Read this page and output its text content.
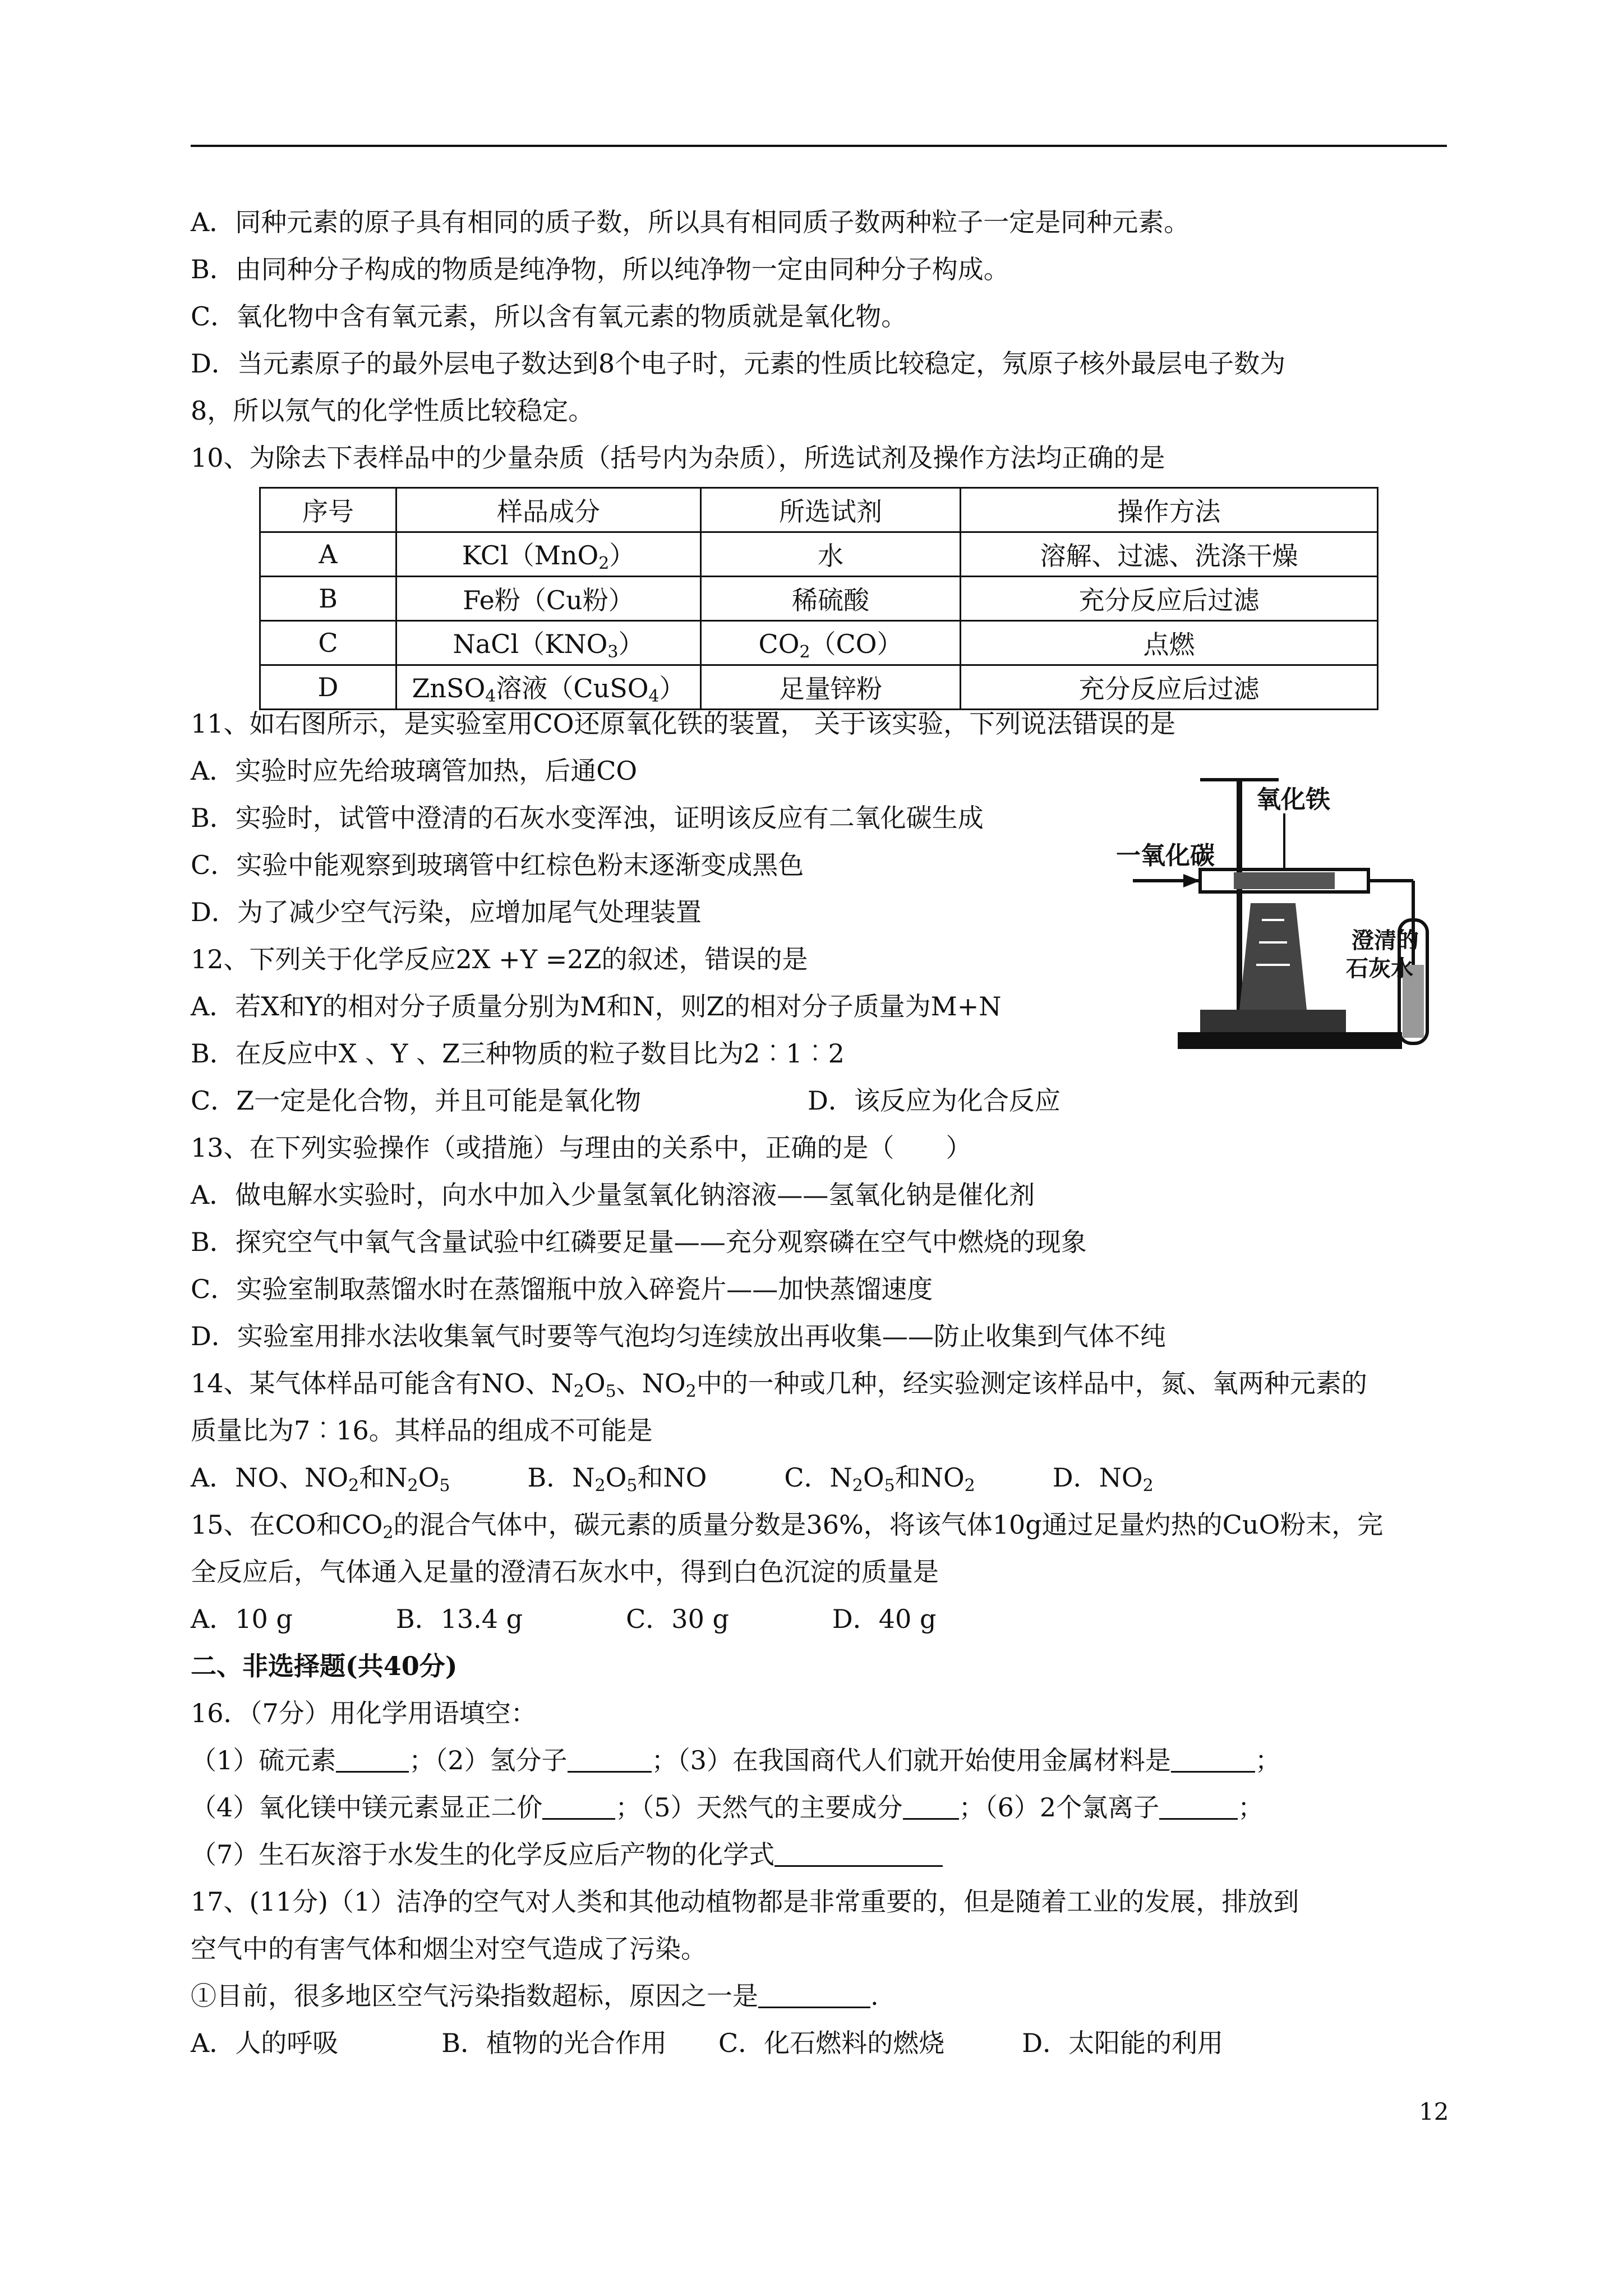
A．同种元素的原子具有相同的质子数，所以具有相同质子数两种粒子一定是同种元素。
B．由同种分子构成的物质是纯净物，所以纯净物一定由同种分子构成。
C．氧化物中含有氧元素，所以含有氧元素的物质就是氧化物。
D．当元素原子的最外层电子数达到8个电子时，元素的性质比较稳定，氖原子核外最层电子数为
8，所以氖气的化学性质比较稳定。
10、为除去下表样品中的少量杂质（括号内为杂质），所选试剂及操作方法均正确的是
序号	样品成分	所选试剂	操作方法
A	KCl（MnO$_2$）	水	溶解、过滤、洗涤干燥
B	Fe粉（Cu粉）	稀硫酸	充分反应后过滤
C	$NaCl(KNO_3)$	$CO_2(CO)$	点燃
D	ZnSO$_4$溶液（CuSO$_4$）	足量锌粉	充分反应后过滤
11、如右图所示，是实验室用CO还原氧化铁的装置， 关于该实验，下列说法错误的是
A．实验时应先给玻璃管加热，后通CO
B．实验时，试管中澄清的石灰水变浑浊，证明该反应有二氧化碳生成
C．实验中能观察到玻璃管中红棕色粉末逐渐变成黑色
D．为了减少空气污染，应增加尾气处理装置
12、下列关于化学反应2X +Y =2Z的叙述，错误的是
A．若X和Y的相对分子质量分别为M和N，则Z的相对分子质量为M+N
B．在反应中X 、Y 、Z三种物质的粒子数目比为2︰1︰2
C．Z一定是化合物，并且可能是氧化物	D．该反应为化合反应
一氧化碳
氧化铁
澄清的
石灰水
13、在下列实验操作（或措施）与理由的关系中，正确的是（　　）
A．做电解水实验时，向水中加入少量氢氧化钠溶液——氢氧化钠是催化剂
B．探究空气中氧气含量试验中红磷要足量——充分观察磷在空气中燃烧的现象
C．实验室制取蒸馏水时在蒸馏瓶中放入碎瓷片——加快蒸馏速度
D．实验室用排水法收集氧气时要等气泡均匀连续放出再收集——防止收集到气体不纯
14、某气体样品可能含有NO、$N_2O_5$、$NO_2$中的一种或几种，经实验测定该样品中，氮、氧两种元素的
质量比为7︰16。其样品的组成不可能是
A．NO、$NO_2$和$N_2O_5$　　　	B．$N_2O_5$和NO　　　	C．$N_2O_5$和$NO_2$　　　	D．$NO_2$
15、在CO和$CO_2$的混合气体中，碳元素的质量分数是36%，将该气体10g通过足量灼热的CuO粉末，完
全反应后，气体通入足量的澄清石灰水中，得到白色沉淀的质量是
A．10 g　　　　B．13.4 g　　　　C．30 g　　　　D．40 g
二、非选择题(共40分)
16．（7分）用化学用语填空：
（1）硫元素	；（2）氢分子	；（3）在我国商代人们就开始使用金属材料是	；
（4）氧化镁中镁元素显正二价	；（5）天然气的主要成分 ；（6）2个氯离子	；
（7）生石灰溶于水发生的化学反应后产物的化学式
17、(11分)（1）洁净的空气对人类和其他动植物都是非常重要的，但是随着工业的发展，排放到
空气中的有害气体和烟尘对空气造成了污染。
①目前，很多地区空气污染指数超标，原因之一是	.
A．人的呼吸　　　　B．植物的光合作用　　C．化石燃料的燃烧　　　D．太阳能的利用
12
